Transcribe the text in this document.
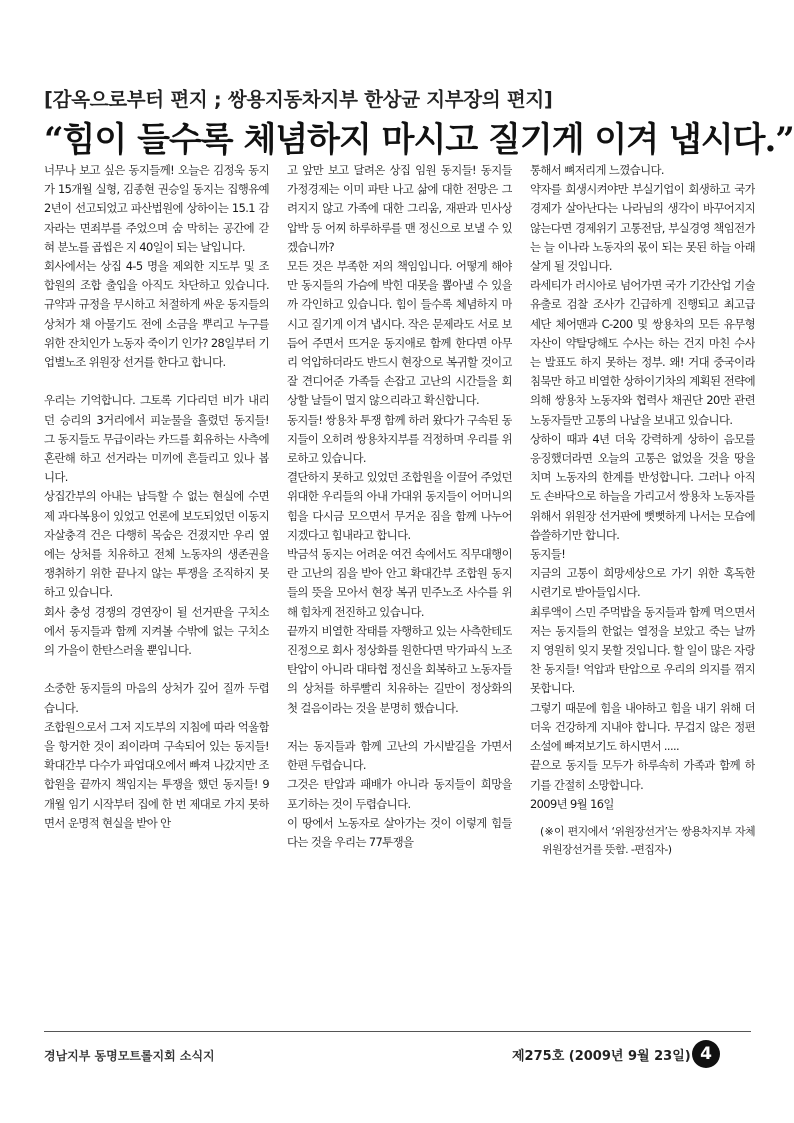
[감옥으로부터 편지 ; 쌍용지동차지부 한상균 지부장의 편지]
“힘이 들수록 체념하지 마시고 질기게 이겨 냅시다.”

너무나 보고 싶은 동지들께! 오늘은 김정욱 동지가 15개월 실형, 김종현 권승일 동지는 집행유예 2년이 선고되었고 파산법원에 상하이는 15.1 감자라는 면죄부를 주었으며 숨 막히는 공간에 갇혀 분노를 곱씹은 지 40일이 되는 날입니다.

회사에서는 상집 4-5 명을 제외한 지도부 및 조합원의 조합 출입을 아직도 차단하고 있습니다. 규약과 규정을 무시하고 처절하게 싸운 동지들의 상처가 채 아물기도 전에 소금을 뿌리고 누구를 위한 잔치인가 노동자 죽이기 인가? 28일부터 기업별노조 위원장 선거를 한다고 합니다.

우리는 기억합니다. 그토록 기다리던 비가 내리던 승리의 3거리에서 피눈물을 흘렸던 동지들! 그 동지들도 무급이라는 카드를 회유하는 사측에 혼란해 하고 선거라는 미끼에 흔들리고 있나 봅니다.

상집간부의 아내는 납득할 수 없는 현실에 수면제 과다복용이 있었고 언론에 보도되었던 이동지 자살충격 건은 다행히 목숨은 건졌지만 우리 옆에는 상처를 치유하고 전체 노동자의 생존권을 쟁취하기 위한 끝나지 않는 투쟁을 조직하지 못하고 있습니다.

회사 충성 경쟁의 경연장이 될 선거판을 구치소에서 동지들과 함께 지켜볼 수밖에 없는 구치소의 가을이 한탄스러울 뿐입니다.

소중한 동지들의 마음의 상처가 깊어 질까 두렵습니다.

조합원으로서 그저 지도부의 지침에 따라 억울함을 항거한 것이 죄이라며 구속되어 있는 동지들! 확대간부 다수가 파업대오에서 빠져 나갔지만 조합원을 끝까지 책임지는 투쟁을 했던 동지들! 9개월 임기 시작부터 집에 한 번 제대로 가지 못하면서 운명적 현실을 받아 안

고 앞만 보고 달려온 상집 임원 동지들! 동지들 가정경제는 이미 파탄 나고 삶에 대한 전망은 그려지지 않고 가족에 대한 그리움, 재판과 민사상 압박 등 어찌 하루하루를 맨 정신으로 보낼 수 있겠습니까?

모든 것은 부족한 저의 책임입니다. 어떻게 해야만 동지들의 가슴에 박힌 대못을 뽑아낼 수 있을까 각인하고 있습니다. 힘이 들수록 체념하지 마시고 질기게 이겨 냅시다. 작은 문제라도 서로 보듬어 주면서 뜨거운 동지애로 함께 한다면 아무리 억압하더라도 반드시 현장으로 복귀할 것이고 잘 견디어준 가족들 손잡고 고난의 시간들을 회상할 날들이 멀지 않으리라고 확신합니다.

동지들! 쌍용차 투쟁 함께 하러 왔다가 구속된 동지들이 오히려 쌍용차지부를 걱정하며 우리를 위로하고 있습니다.

결단하지 못하고 있었던 조합원을 이끌어 주었던 위대한 우리들의 아내 가대위 동지들이 어머니의 힘을 다시금 모으면서 무거운 짐을 함께 나누어지겠다고 힘내라고 합니다.

박금석 동지는 어려운 여건 속에서도 직무대행이란 고난의 짐을 받아 안고 확대간부 조합원 동지들의 뜻을 모아서 현장 복귀 민주노조 사수를 위해 힘차게 전진하고 있습니다.

끝까지 비열한 작태를 자행하고 있는 사측한테도 진정으로 회사 정상화를 원한다면 막가파식 노조탄압이 아니라 대타협 정신을 회복하고 노동자들의 상처를 하루빨리 치유하는 길만이 정상화의 첫 걸음이라는 것을 분명히 했습니다.

저는 동지들과 함께 고난의 가시밭길을 가면서 한편 두렵습니다.

그것은 탄압과 패배가 아니라 동지들이 희망을 포기하는 것이 두렵습니다.

이 땅에서 노동자로 살아가는 것이 이렇게 힘들다는 것을 우리는 77투쟁을

통해서 뼈저리게 느꼈습니다.

약자를 희생시켜야만 부실기업이 회생하고 국가경제가 살아난다는 나라님의 생각이 바꾸어지지 않는다면 경제위기 고통전담, 부실경영 책임전가는 늘 이나라 노동자의 몫이 되는 못된 하늘 아래 살게 될 것입니다.

라세티가 러시아로 넘어가면 국가 기간산업 기술유출로 검찰 조사가 긴급하게 진행되고 최고급 세단 체어맨과 C-200 및 쌍용차의 모든 유무형 자산이 약탈당해도 수사는 하는 건지 마친 수사는 발표도 하지 못하는 정부. 왜! 거대 중국이라 침묵만 하고 비열한 상하이기차의 계획된 전략에 의해 쌍용차 노동자와 협력사 채권단 20만 관련 노동자들만 고통의 나날을 보내고 있습니다.

상하이 때과 4년 더욱 강력하게 상하이 음모를 응징했더라면 오늘의 고통은 없었을 것을 땅을 치며 노동자의 한계를 반성합니다. 그러나 아직도 손바닥으로 하늘을 가리고서 쌍용차 노동자를 위해서 위원장 선거판에 뻣뻣하게 나서는 모습에 씁쓸하기만 합니다.

동지들!

지금의 고통이 희망세상으로 가기 위한 혹독한 시련기로 받아들입시다.

최루액이 스민 주먹밥을 동지들과 함께 먹으면서 저는 동지들의 한없는 열정을 보았고 죽는 날까지 영원히 잊지 못할 것입니다. 할 일이 많은 자랑찬 동지들! 억압과 탄압으로 우리의 의지를 꺾지 못합니다.

그렇기 때문에 힘을 내야하고 힘을 내기 위해 더더욱 건강하게 지내야 합니다. 무겁지 않은 정편소설에 빠져보기도 하시면서 .....

끝으로 동지들 모두가 하루속히 가족과 함께 하기를 간절히 소망합니다.

2009년 9월 16일

(※이 편지에서 ‘위원장선거’는 쌍용차지부 자체 위원장선거를 뜻함. -편집자-)

경남지부 동명모트롤지회 소식지	제275호 (2009년 9월 23일) 4
